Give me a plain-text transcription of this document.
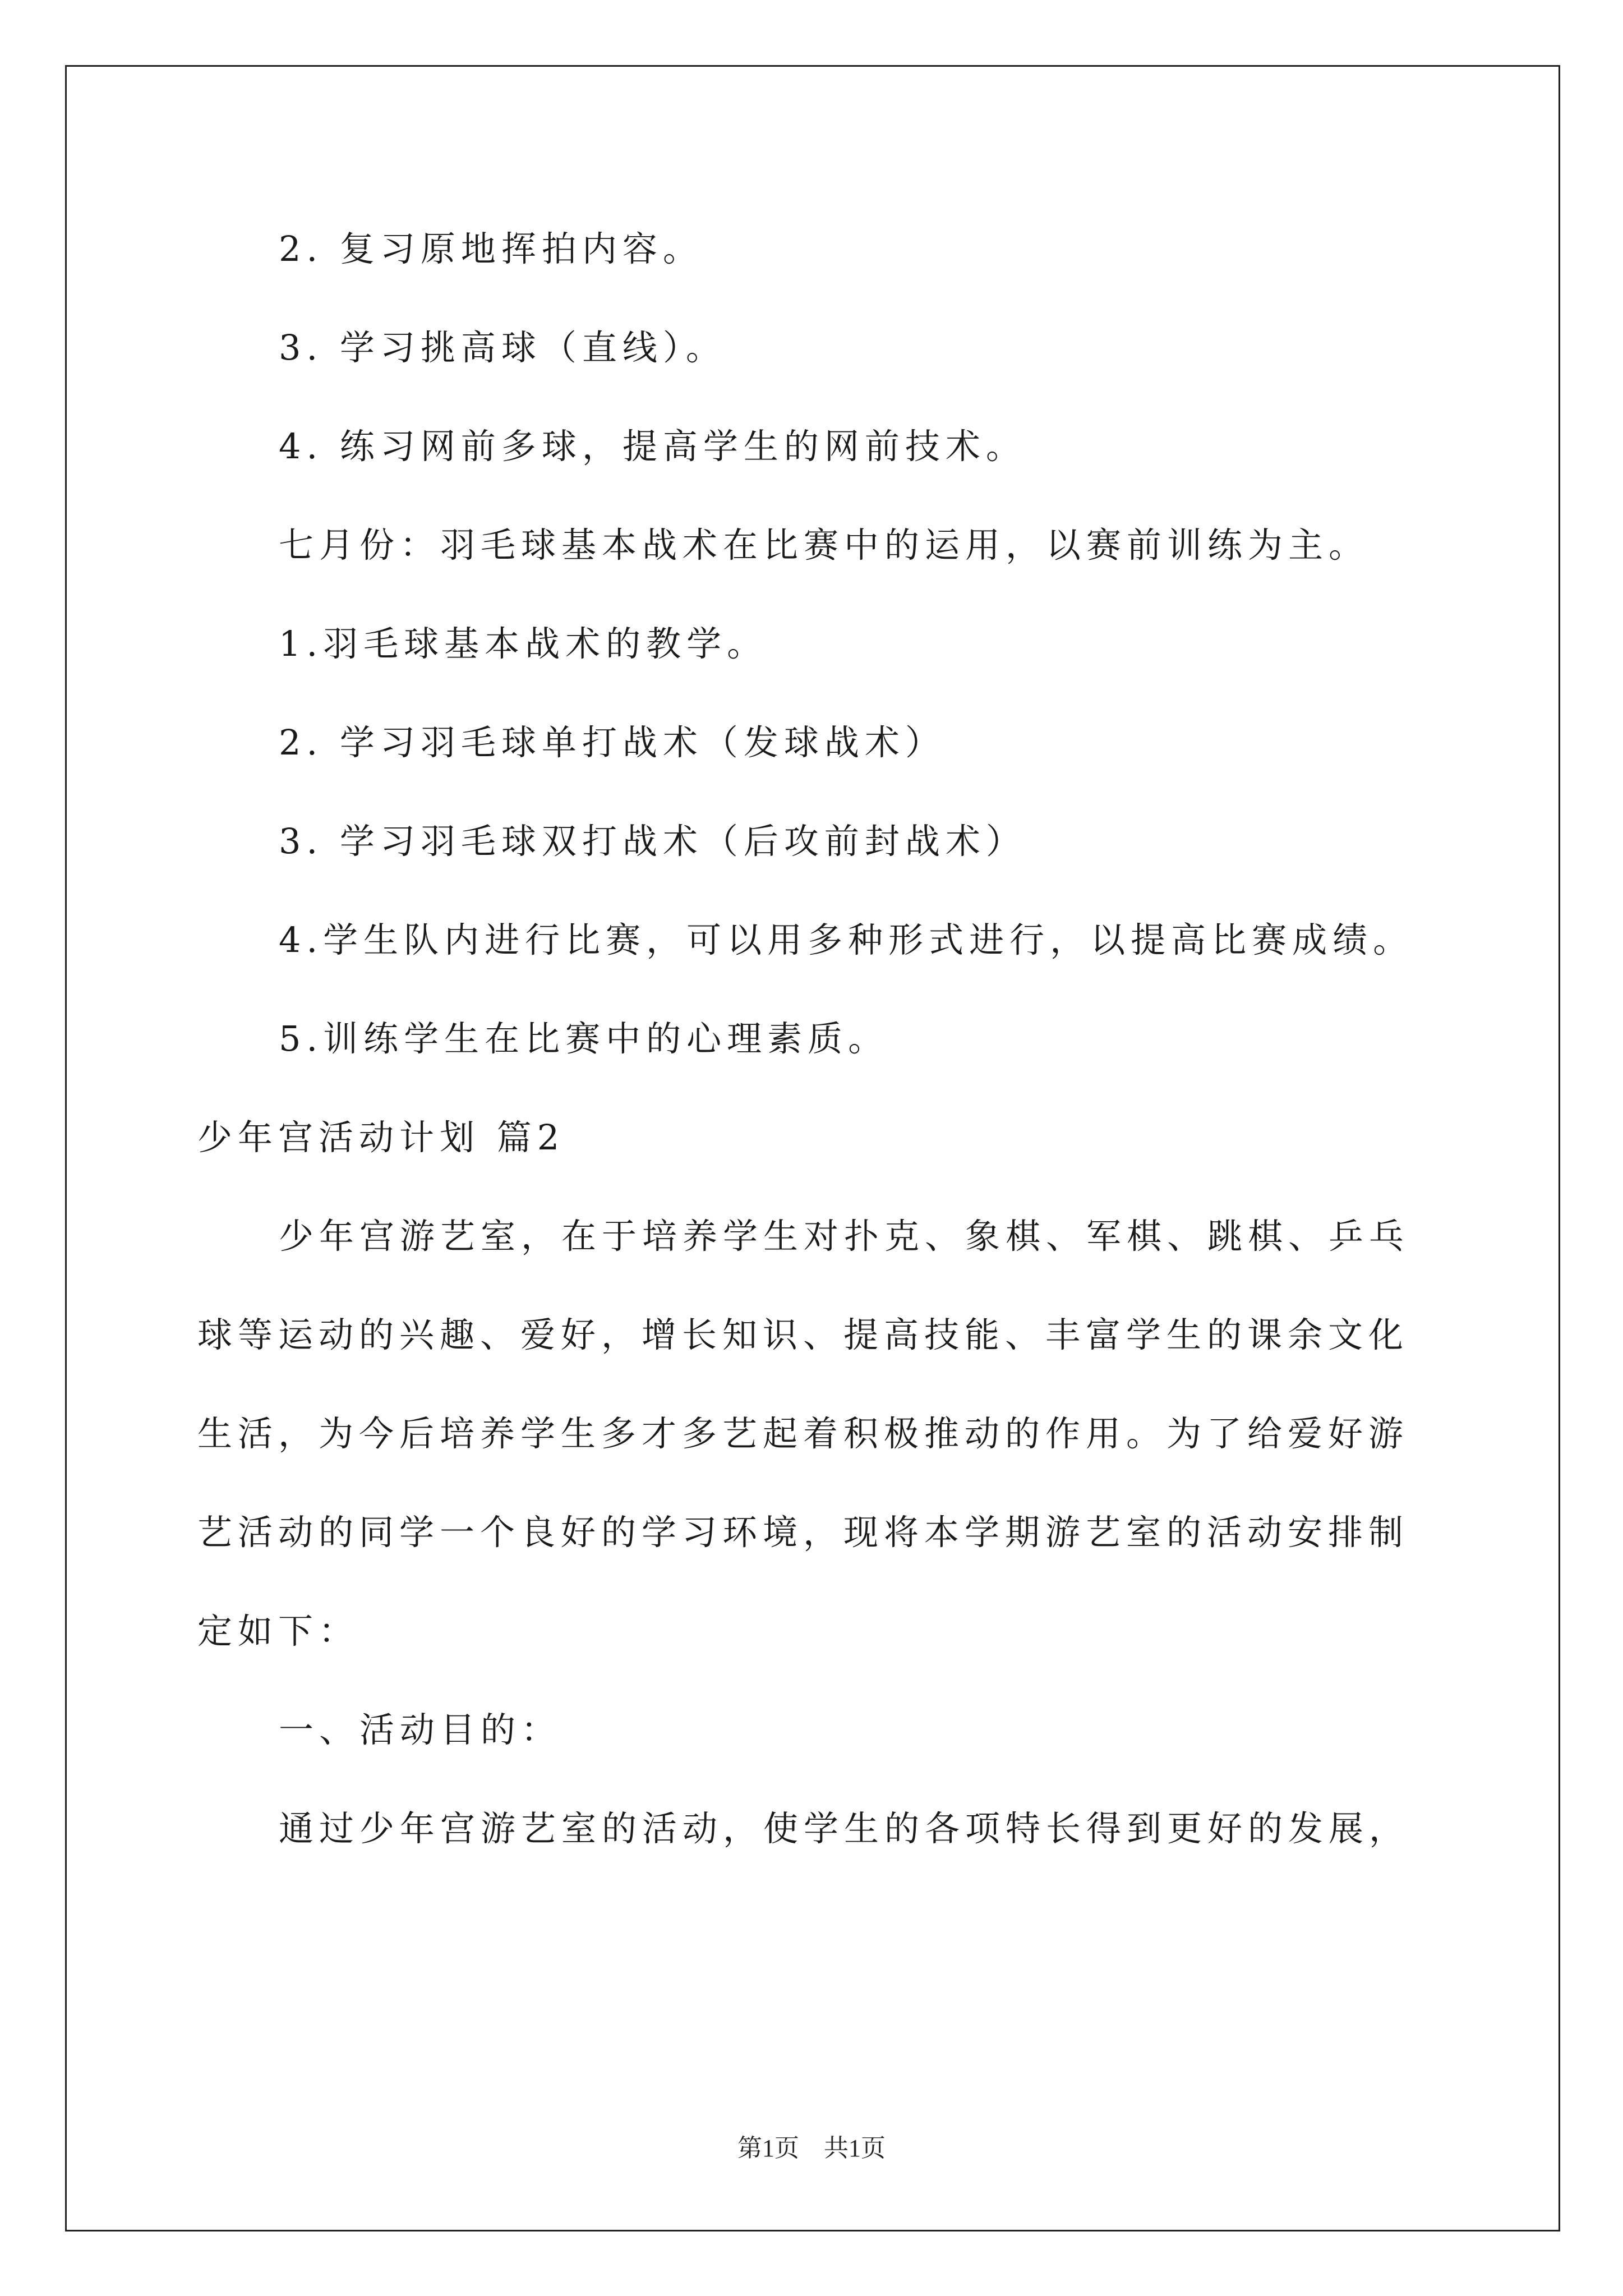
2. 复习原地挥拍内容。

3. 学习挑高球（直线）。

4. 练习网前多球，提高学生的网前技术。

七月份：羽毛球基本战术在比赛中的运用，以赛前训练为主。

1.羽毛球基本战术的教学。

2. 学习羽毛球单打战术（发球战术）

3. 学习羽毛球双打战术（后攻前封战术）

4.学生队内进行比赛，可以用多种形式进行，以提高比赛成绩。

5.训练学生在比赛中的心理素质。

少年宫活动计划 篇2

少年宫游艺室，在于培养学生对扑克、象棋、军棋、跳棋、乒乓

球等运动的兴趣、爱好，增长知识、提高技能、丰富学生的课余文化

生活，为今后培养学生多才多艺起着积极推动的作用。为了给爱好游

艺活动的同学一个良好的学习环境，现将本学期游艺室的活动安排制

定如下：

一、活动目的：

通过少年宫游艺室的活动，使学生的各项特长得到更好的发展，

第1页　共1页
